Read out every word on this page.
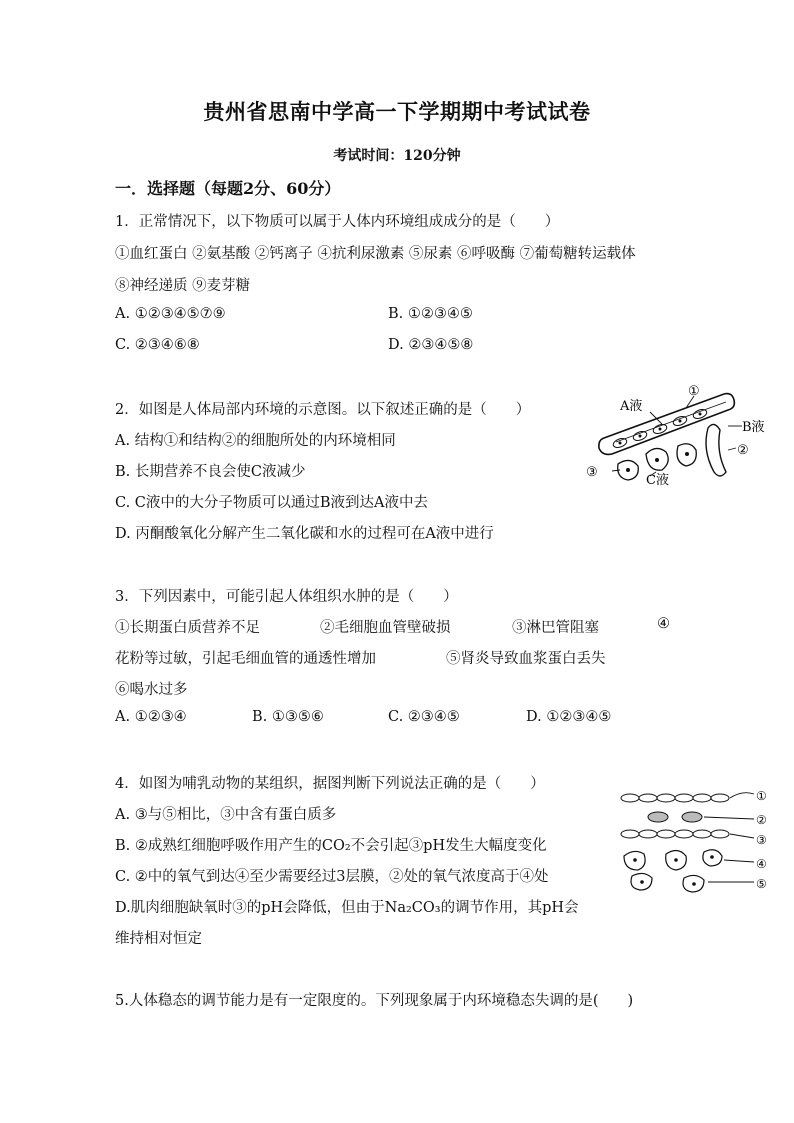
贵州省思南中学高一下学期期中考试试卷
考试时间：120分钟
一．选择题（每题2分、60分）
1．正常情况下，以下物质可以属于人体内环境组成成分的是（　　）
①血红蛋白 ②氨基酸 ②钙离子 ④抗利尿激素 ⑤尿素 ⑥呼吸酶 ⑦葡萄糖转运载体
⑧神经递质 ⑨麦芽糖
A. ①②③④⑤⑦⑨	B. ①②③④⑤
C. ②③④⑥⑧	D. ②③④⑤⑧
2．如图是人体局部内环境的示意图。以下叙述正确的是（　　）
A. 结构①和结构②的细胞所处的内环境相同
B. 长期营养不良会使C液减少
C. C液中的大分子物质可以通过B液到达A液中去
D. 丙酮酸氧化分解产生二氧化碳和水的过程可在A液中进行
A液
①
B液
②
③
C液
3．下列因素中，可能引起人体组织水肿的是（　　）
①长期蛋白质营养不足	②毛细胞血管壁破损	③淋巴管阻塞	④
花粉等过敏，引起毛细血管的通透性增加	⑤肾炎导致血浆蛋白丢失
⑥喝水过多
A. ①②③④	B. ①③⑤⑥	C. ②③④⑤	D. ①②③④⑤
4．如图为哺乳动物的某组织，据图判断下列说法正确的是（　　）
A. ③与⑤相比，③中含有蛋白质多
B. ②成熟红细胞呼吸作用产生的CO₂不会引起③pH发生大幅度变化
C. ②中的氧气到达④至少需要经过3层膜，②处的氧气浓度高于④处
D.肌肉细胞缺氧时③的pH会降低，但由于Na₂CO₃的调节作用，其pH会
维持相对恒定
①
②
③
④
⑤
5.人体稳态的调节能力是有一定限度的。下列现象属于内环境稳态失调的是(　　)
